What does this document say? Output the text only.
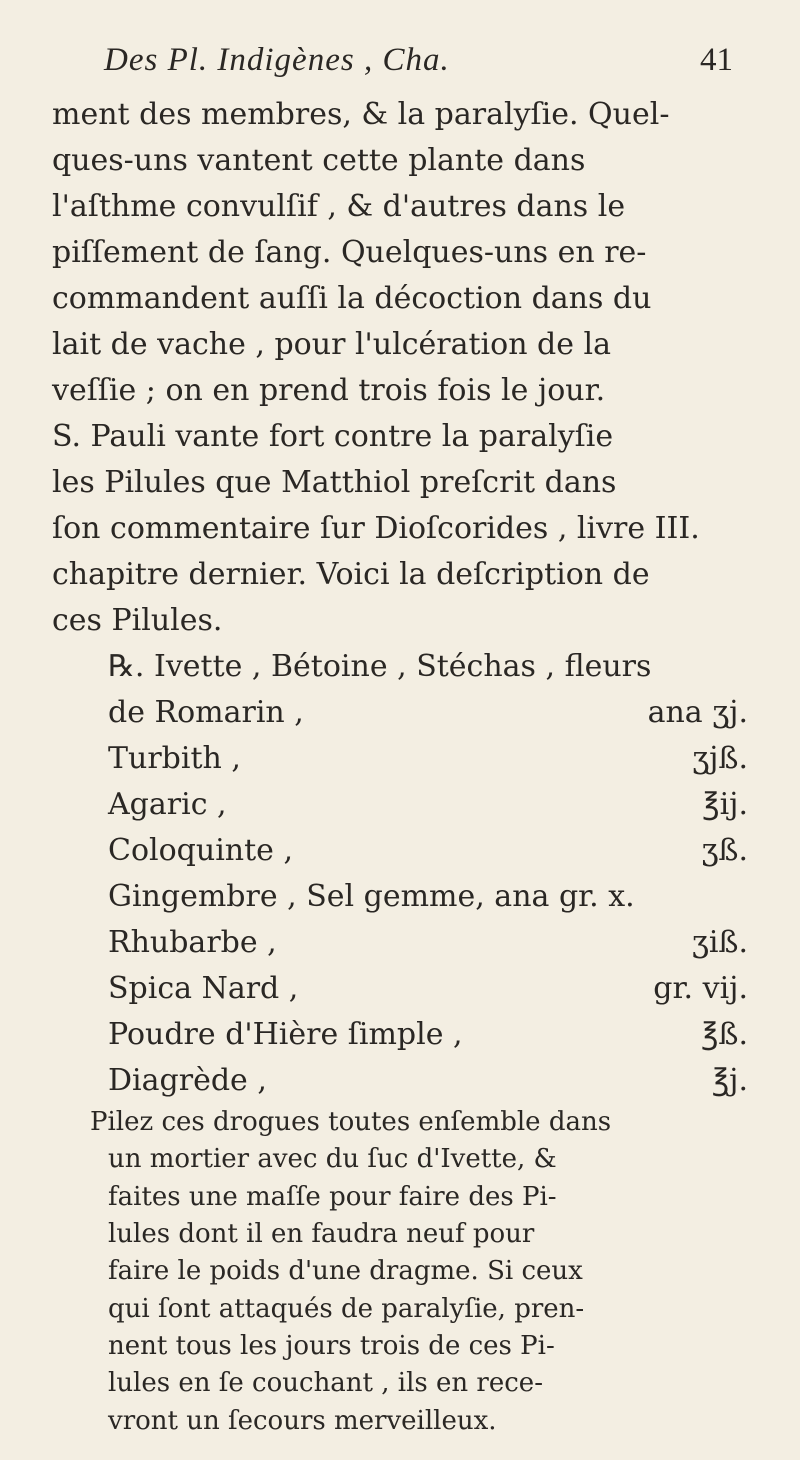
Des Pl. Indigènes , Cha.	41
ment des membres, & la paralyſie. Quel-
ques-uns vantent cette plante dans
l'aſthme convulſif , & d'autres dans le
piſſement de ſang. Quelques-uns en re-
commandent auſſi la décoction dans du
lait de vache , pour l'ulcération de la
veſſie ; on en prend trois fois le jour.
S. Pauli vante fort contre la paralyſie
les Pilules que Matthiol preſcrit dans
ſon commentaire ſur Dioſcorides , livre III.
chapitre dernier. Voici la deſcription de
ces Pilules.
℞. Ivette , Bétoine , Stéchas , fleurs
de Romarin ,	ana ʒj.
Turbith ,	ʒjß.
Agaric ,	℥ij.
Coloquinte ,	ʒß.
Gingembre , Sel gemme, ana gr. x.
Rhubarbe ,	ʒiß.
Spica Nard ,	gr. vij.
Poudre d'Hière ſimple ,	℥ß.
Diagrède ,	℥j.
Pilez ces drogues toutes enſemble dans
un mortier avec du ſuc d'Ivette, &
faites une maſſe pour faire des Pi-
lules dont il en faudra neuf pour
faire le poids d'une dragme. Si ceux
qui ſont attaqués de paralyſie, pren-
nent tous les jours trois de ces Pi-
lules en ſe couchant , ils en rece-
vront un ſecours merveilleux.
